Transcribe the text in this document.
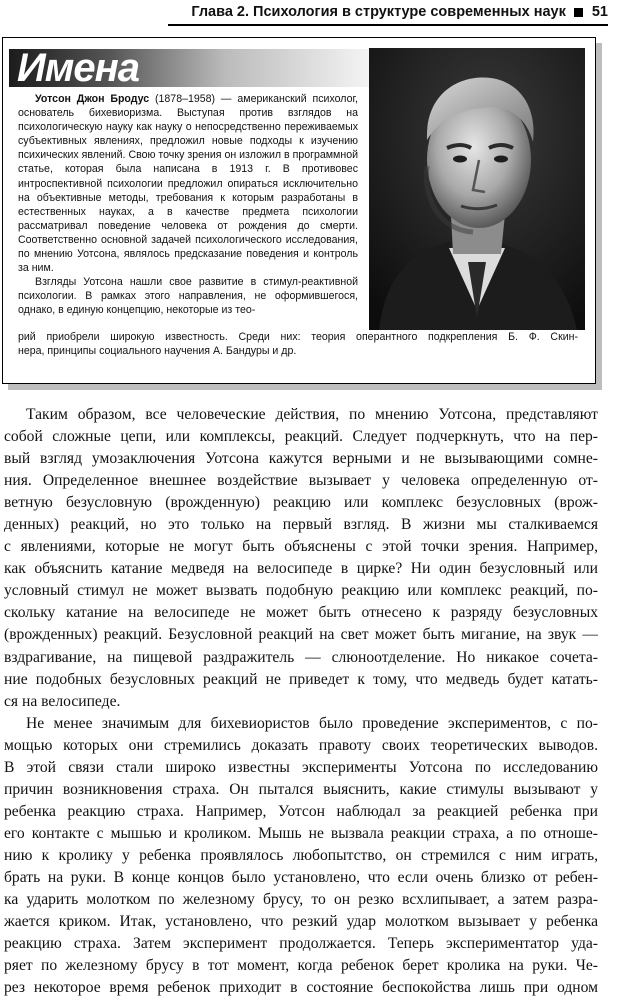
Глава 2. Психология в структуре современных наук 51
Имена

Уотсон Джон Бродус (1878–1958) — американский психолог, основатель бихевиоризма. Выступая против взглядов на психологическую науку как науку о непосредственно переживаемых субъективных явлениях, предложил новые подходы к изучению психических явлений. Свою точку зрения он изложил в программной статье, которая была написана в 1913 г. В противовес интроспективной психологии предложил опираться исключительно на объективные методы, требования к которым разработаны в естественных науках, а в качестве предмета психологии рассматривал поведение человека от рождения до смерти. Соответственно основной задачей психологического исследования, по мнению Уотсона, являлось предсказание поведения и контроль за ним.

Взгляды Уотсона нашли свое развитие в стимул-реактивной психологии. В рамках этого направления, не оформившегося, однако, в единую концепцию, некоторые из тео-

рий приобрели широкую известность. Среди них: теория оперантного подкрепления Б. Ф. Скин-
нера, принципы социального научения А. Бандуры и др.
Таким образом, все человеческие действия, по мнению Уотсона, представляют
собой сложные цепи, или комплексы, реакций. Следует подчеркнуть, что на пер-
вый взгляд умозаключения Уотсона кажутся верными и не вызывающими сомне-
ния. Определенное внешнее воздействие вызывает у человека определенную от-
ветную безусловную (врожденную) реакцию или комплекс безусловных (врож-
денных) реакций, но это только на первый взгляд. В жизни мы сталкиваемся
с явлениями, которые не могут быть объяснены с этой точки зрения. Например,
как объяснить катание медведя на велосипеде в цирке? Ни один безусловный или
условный стимул не может вызвать подобную реакцию или комплекс реакций, по-
скольку катание на велосипеде не может быть отнесено к разряду безусловных
(врожденных) реакций. Безусловной реакций на свет может быть мигание, на звук —
вздрагивание, на пищевой раздражитель — слюноотделение. Но никакое сочета-
ние подобных безусловных реакций не приведет к тому, что медведь будет катать-
ся на велосипеде.
Не менее значимым для бихевиористов было проведение экспериментов, с по-
мощью которых они стремились доказать правоту своих теоретических выводов.
В этой связи стали широко известны эксперименты Уотсона по исследованию
причин возникновения страха. Он пытался выяснить, какие стимулы вызывают у
ребенка реакцию страха. Например, Уотсон наблюдал за реакцией ребенка при
его контакте с мышью и кроликом. Мышь не вызвала реакции страха, а по отноше-
нию к кролику у ребенка проявлялось любопытство, он стремился с ним играть,
брать на руки. В конце концов было установлено, что если очень близко от ребен-
ка ударить молотком по железному брусу, то он резко всхлипывает, а затем разра-
жается криком. Итак, установлено, что резкий удар молотком вызывает у ребенка
реакцию страха. Затем эксперимент продолжается. Теперь экспериментатор уда-
ряет по железному брусу в тот момент, когда ребенок берет кролика на руки. Че-
рез некоторое время ребенок приходит в состояние беспокойства лишь при одном
